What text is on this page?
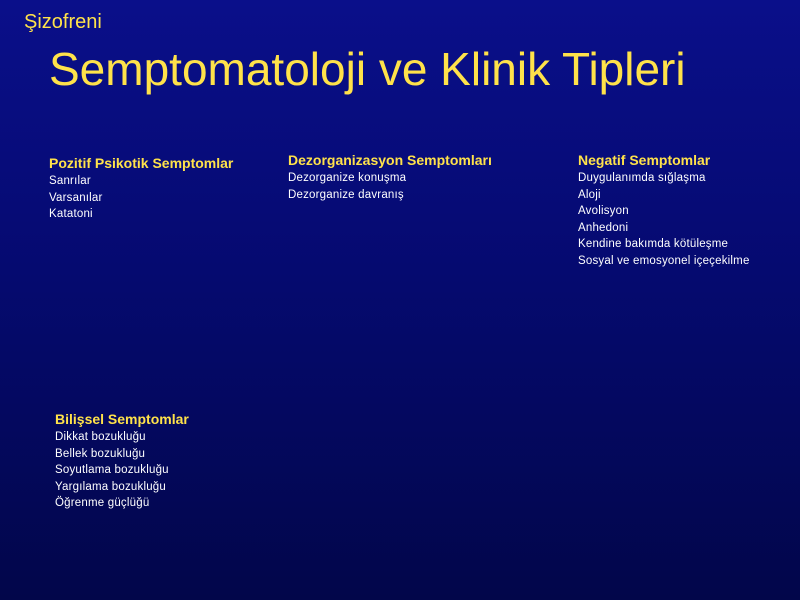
Şizofreni
Semptomatoloji ve Klinik Tipleri
Pozitif Psikotik Semptomlar
Sanrılar
Varsanılar
Katatoni
Dezorganizasyon Semptomları
Dezorganize konuşma
Dezorganize davranış
Negatif Semptomlar
Duygulanımda sığlaşma
Aloji
Avolisyon
Anhedoni
Kendine bakımda kötüleşme
Sosyal ve emosyonel içeçekilme
Bilişsel Semptomlar
Dikkat bozukluğu
Bellek bozukluğu
Soyutlama bozukluğu
Yargılama bozukluğu
Öğrenme güçlüğü
